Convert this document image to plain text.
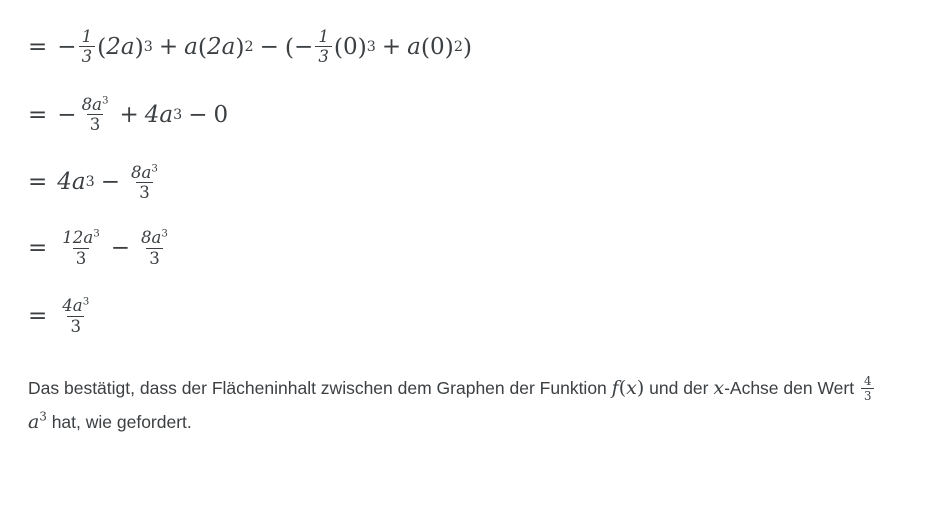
= − $\frac{1}{3}$ ( 2a ) 3 + a ( 2a ) 2 − ( − $\frac{1}{3}$ ( 0 ) 3 + a ( 0 ) 2 )
= − $\frac{8a^3}{3} + 4a$ 3 − 0
= 4a $3 - \frac{8a^3}{3}$
= $\frac{12a^3}{3} - \frac{8a^3}{3}$
= $\frac{4a^3}{3}$
Das bestätigt, dass der Flächeninhalt zwischen dem Graphen der Funktion f(x) und der x-Achse den Wert $\frac{4}{3}$
$a^3$ hat, wie gefordert.
